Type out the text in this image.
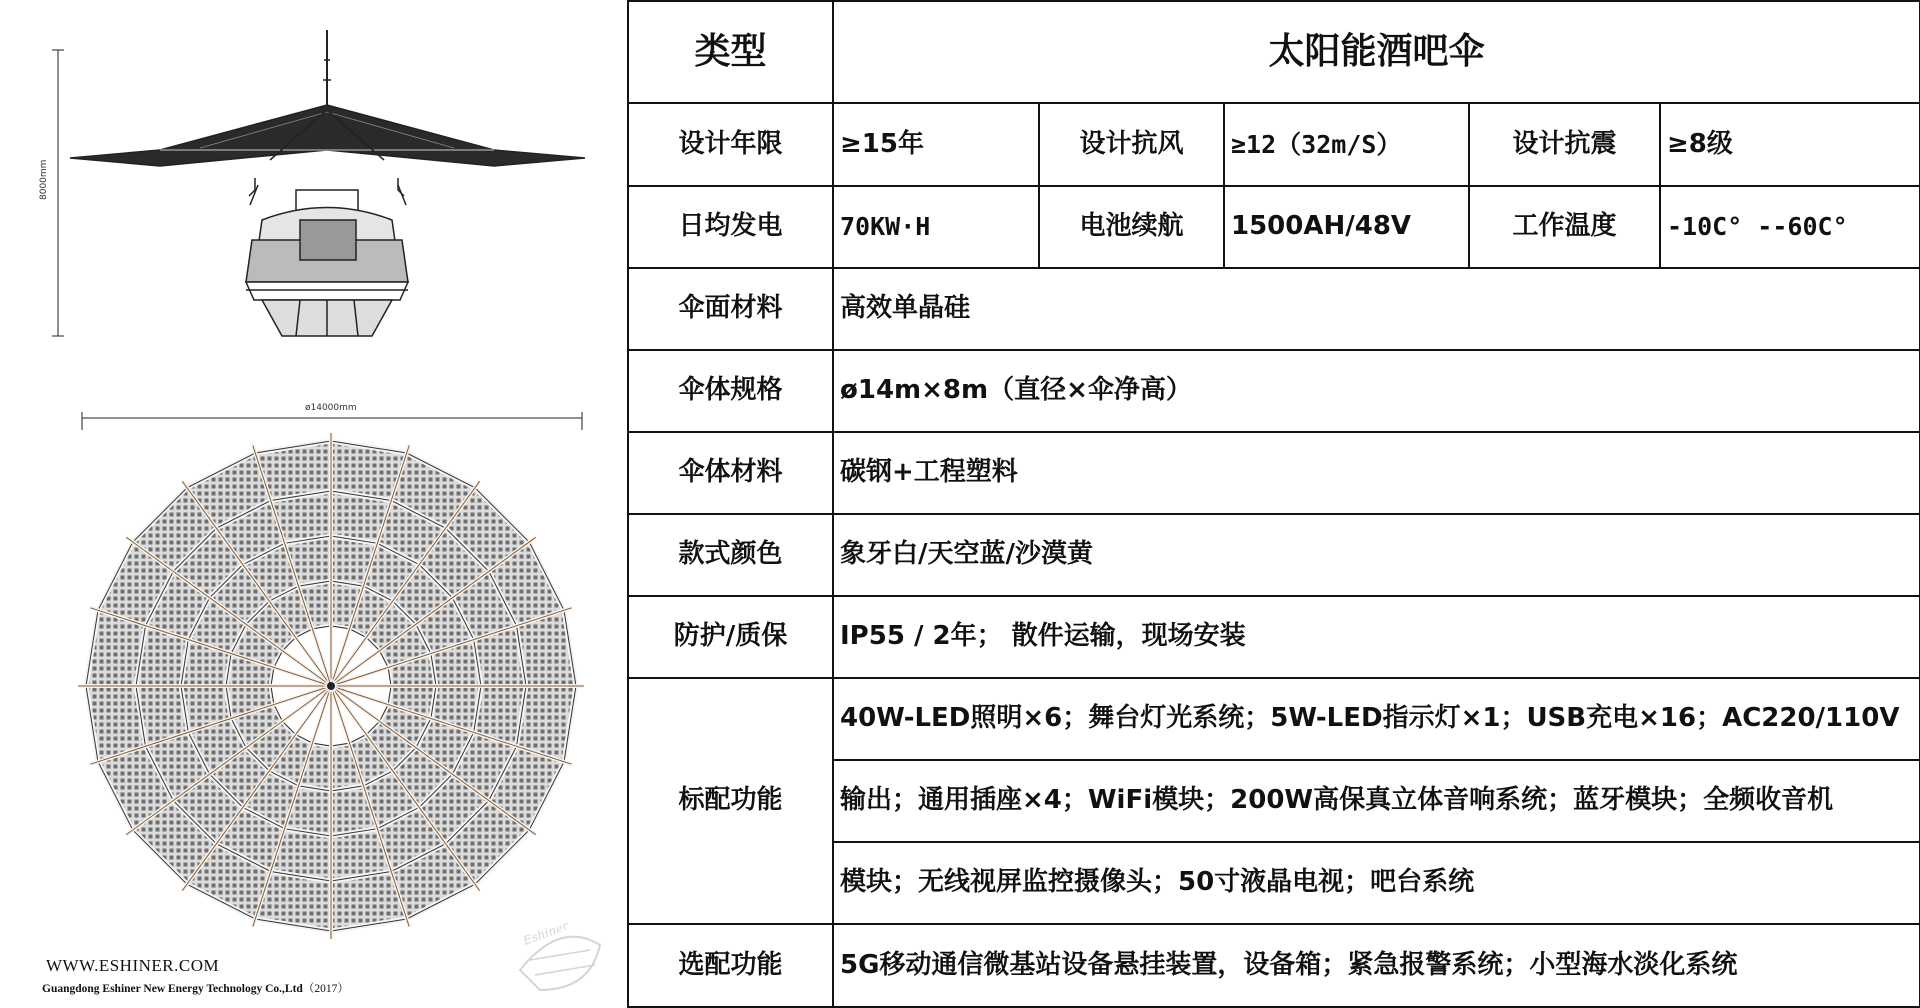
8000mm
ø14000mm
Eshiner
WWW.ESHINER.COM
Guangdong Eshiner New Energy Technology Co.,Ltd（2017）
类型	太阳能酒吧伞				
设计年限	≥15年	设计抗风	≥12（32m/S）	设计抗震	≥8级
日均发电	70KW·H	电池续航	1500AH/48V	工作温度	-10C° --60C°
伞面材料	高效单晶硅				
伞体规格	ø14m×8m（直径×伞净高）				
伞体材料	碳钢+工程塑料				
款式颜色	象牙白/天空蓝/沙漠黄				
防护/质保	IP55 / 2年； 散件运输，现场安装				
标配功能	40W-LED照明×6；舞台灯光系统；5W-LED指示灯×1；USB充电×16；AC220/110V				
	输出；通用插座×4；WiFi模块；200W高保真立体音响系统；蓝牙模块；全频收音机				
	模块；无线视屏监控摄像头；50寸液晶电视；吧台系统				
选配功能	5G移动通信微基站设备悬挂装置，设备箱；紧急报警系统；小型海水淡化系统				
